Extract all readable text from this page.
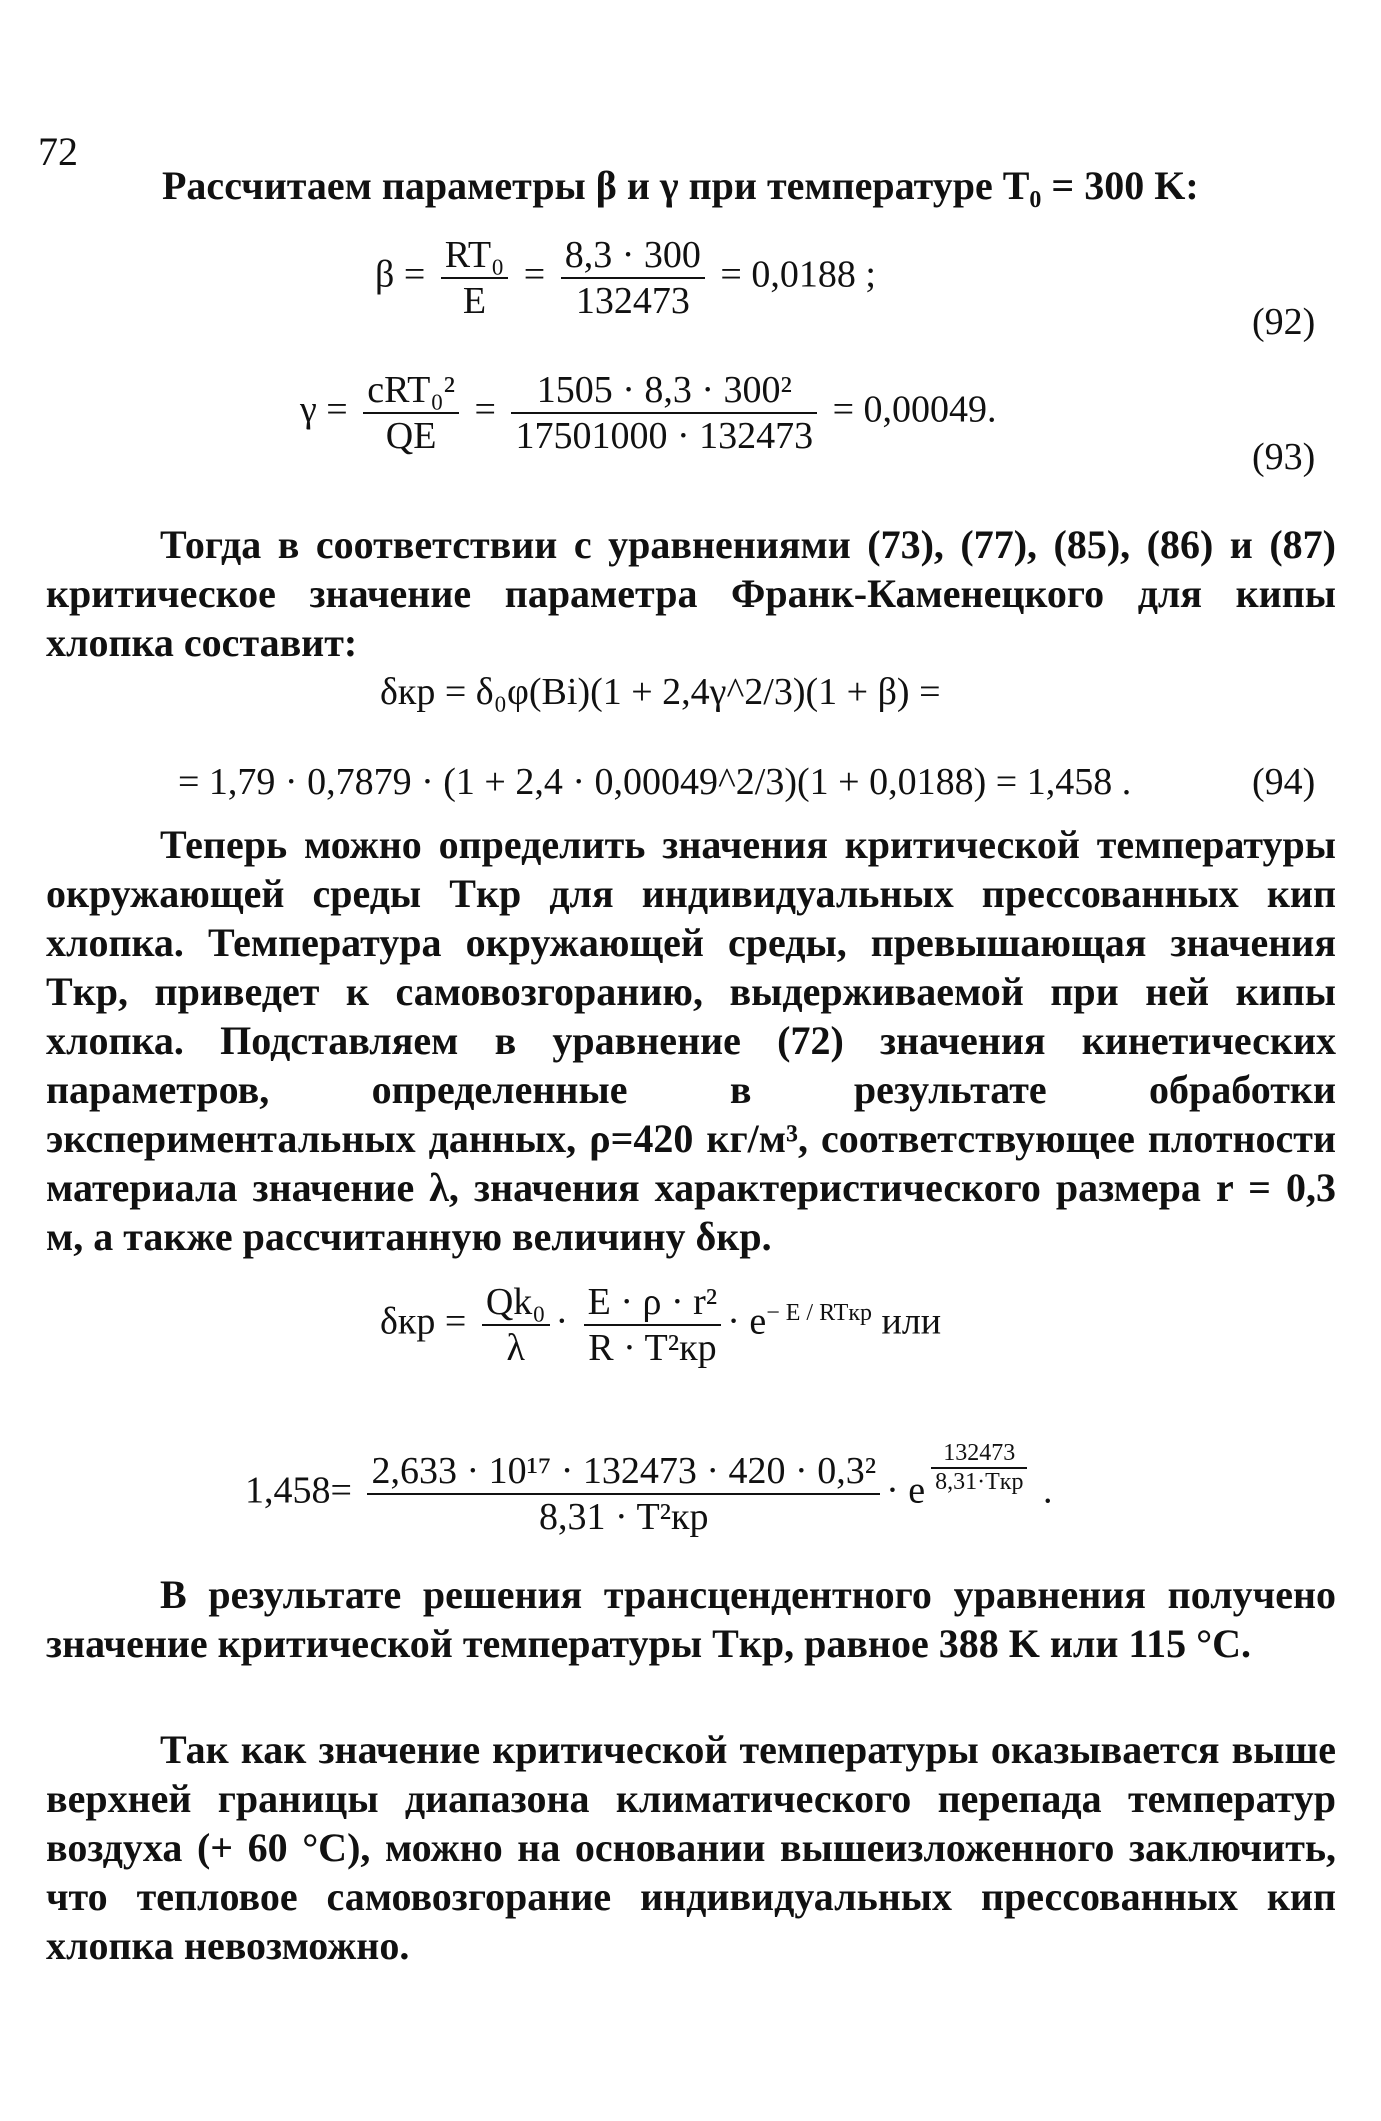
72
Рассчитаем параметры β и γ при температуре T₀ = 300 K:
$\beta = \frac{\text{RT₀}}{E} = \frac{8,3 \cdot 300}{132473} = 0,0188$ ;
(92)
$\gamma = \frac{\text{cRT₀²}}{QE} = \frac{\text{1505 · 8,3 · 300²}}{17501000 \cdot 132473} = 0,00049$.
(93)

Тогда в соответствии с уравнениями (73), (77), (85), (86) и (87) критическое значение параметра Франк-Каменецкого для кипы хлопка составит:

δкр = δ₀φ(Bi)(1 + 2,4γ^2/3)(1 + β) =
= 1,79 · 0,7879 · (1 + 2,4 · 0,00049^2/3)(1 + 0,0188) = 1,458 .	(94)

Теперь можно определить значения критической температуры окружающей среды Tкр для индивидуальных прессованных кип хлопка. Температура окружающей среды, превышающая значения Tкр, приведет к самовозгоранию, выдерживаемой при ней кипы хлопка. Подставляем в уравнение (72) значения кинетических параметров, определенные в результате обработки экспериментальных данных, ρ=420 кг/м³, соответствующее плотности материала значение λ, значения характеристического размера r = 0,3 м, а также рассчитанную величину δкр.

$\delta кр = \frac{\text{Qk₀}}{\lambda} \cdot \frac{\text{E · ρ · r²}}{\text{R · T²кр}} \cdot e^{- E / RTкр}$ или
$1,458= \frac{\text{2,633 · 10¹⁷ · 132473 · 420 · 0,3²}}{\text{8,31 · T²кр}} \cdot e$ $^{\frac{132473}{\text{8,31·Tкр}}}$ .

В результате решения трансцендентного уравнения получено значение критической температуры Tкр, равное 388 K или 115 °C.

Так как значение критической температуры оказывается выше верхней границы диапазона климатического перепада температур воздуха (+ 60 °C), можно на основании вышеизложенного заключить, что тепловое самовозгорание индивидуальных прессованных кип хлопка невозможно.
